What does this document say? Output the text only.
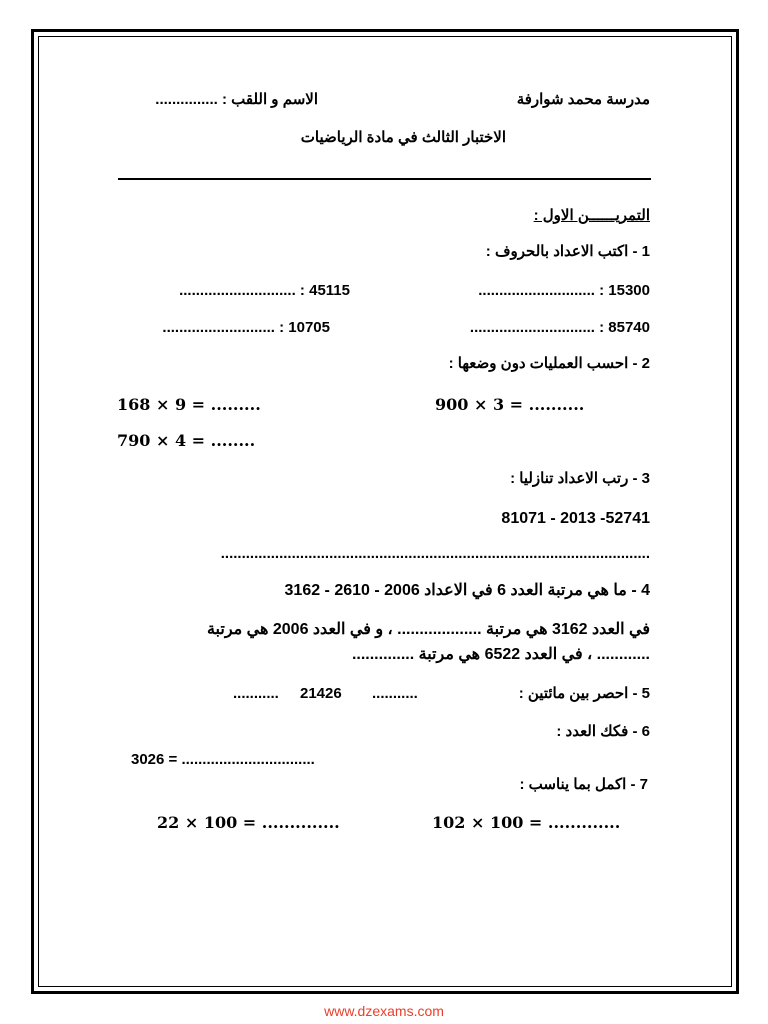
مدرسة محمد شوارفة
الاسم و اللقب : ...............
الاختبار الثالث في مادة الرياضيات
التمريــــــن الاول :
1 - اكتب الاعداد بالحروف :
15300 : ............................
45115 : ............................
85740 : ..............................
10705 : ...........................
2 - احسب العمليات دون وضعها :
900 × 3 = ..........
168 × 9 = .........
790 × 4 = ........
3 - رتب الاعداد تنازليا :
81071 - 2013 -52741
.......................................................................................................
4 - ما هي مرتبة العدد 6 في الاعداد 2006 - 2610 - 3162
في العدد 3162 هي مرتبة ................... ، و في العدد 2006 هي مرتبة
............ ، في العدد 6522 هي مرتبة ..............
5 - احصر بين مائتين :
...........
21426
...........
6 - فكك العدد :
3026 = ................................
7 - اكمل بما يناسب :
102 × 100 = .............
22 × 100 = ..............
www.dzexams.com
